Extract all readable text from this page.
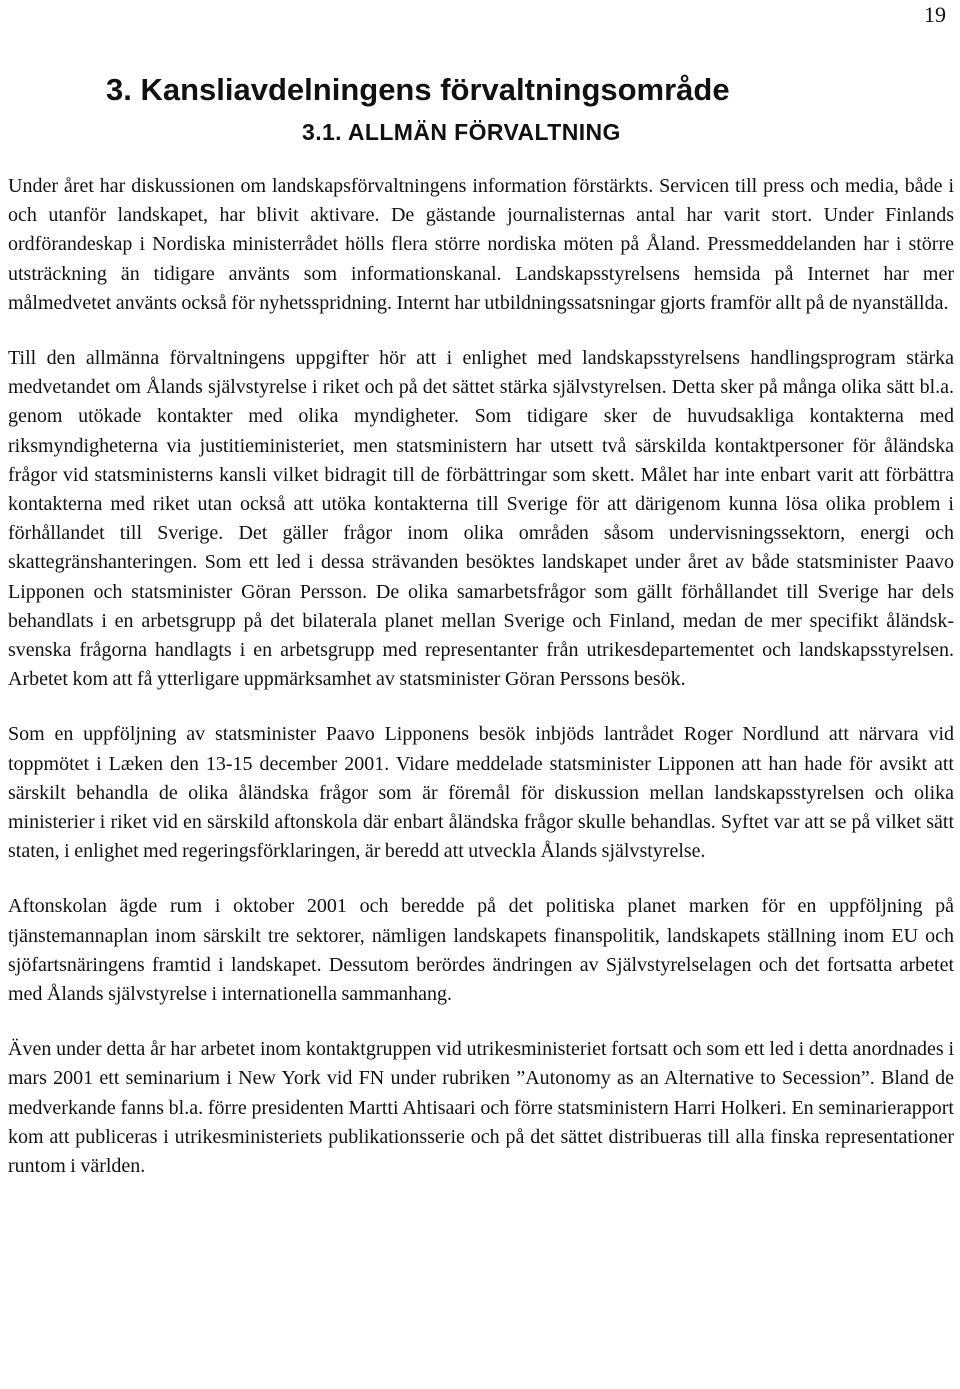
19

3. Kansliavdelningens förvaltningsområde
3.1. ALLMÄN FÖRVALTNING

Under året har diskussionen om landskapsförvaltningens information förstärkts. Servicen till press och media, både i och utanför landskapet, har blivit aktivare. De gästande journalisternas antal har varit stort. Under Finlands ordförandeskap i Nordiska ministerrådet hölls flera större nordiska möten på Åland. Pressmeddelanden har i större utsträckning än tidigare använts som informationskanal. Landskapsstyrelsens hemsida på Internet har mer målmedvetet använts också för nyhetsspridning. Internt har utbildningssatsningar gjorts framför allt på de nyanställda.

Till den allmänna förvaltningens uppgifter hör att i enlighet med landskapsstyrelsens handlingsprogram stärka medvetandet om Ålands självstyrelse i riket och på det sättet stärka självstyrelsen. Detta sker på många olika sätt bl.a. genom utökade kontakter med olika myndigheter. Som tidigare sker de huvudsakliga kontakterna med riksmyndigheterna via justitieministeriet, men statsministern har utsett två särskilda kontaktpersoner för åländska frågor vid statsministerns kansli vilket bidragit till de förbättringar som skett. Målet har inte enbart varit att förbättra kontakterna med riket utan också att utöka kontakterna till Sverige för att därigenom kunna lösa olika problem i förhållandet till Sverige. Det gäller frågor inom olika områden såsom undervisningssektorn, energi och skattegränshanteringen. Som ett led i dessa strävanden besöktes landskapet under året av både statsminister Paavo Lipponen och statsminister Göran Persson. De olika samarbetsfrågor som gällt förhållandet till Sverige har dels behandlats i en arbetsgrupp på det bilaterala planet mellan Sverige och Finland, medan de mer specifikt åländsk-svenska frågorna handlagts i en arbetsgrupp med representanter från utrikesdepartementet och landskapsstyrelsen. Arbetet kom att få ytterligare uppmärksamhet av statsminister Göran Perssons besök.

Som en uppföljning av statsminister Paavo Lipponens besök inbjöds lantrådet Roger Nordlund att närvara vid toppmötet i Læken den 13-15 december 2001. Vidare meddelade statsminister Lipponen att han hade för avsikt att särskilt behandla de olika åländska frågor som är föremål för diskussion mellan landskapsstyrelsen och olika ministerier i riket vid en särskild aftonskola där enbart åländska frågor skulle behandlas. Syftet var att se på vilket sätt staten, i enlighet med regeringsförklaringen, är beredd att utveckla Ålands självstyrelse.

Aftonskolan ägde rum i oktober 2001 och beredde på det politiska planet marken för en uppföljning på tjänstemannaplan inom särskilt tre sektorer, nämligen landskapets finanspolitik, landskapets ställning inom EU och sjöfartsnäringens framtid i landskapet. Dessutom berördes ändringen av Självstyrelselagen och det fortsatta arbetet med Ålands självstyrelse i internationella sammanhang.

Även under detta år har arbetet inom kontaktgruppen vid utrikesministeriet fortsatt och som ett led i detta anordnades i mars 2001 ett seminarium i New York vid FN under rubriken ”Autonomy as an Alternative to Secession”. Bland de medverkande fanns bl.a. förre presidenten Martti Ahtisaari och förre statsministern Harri Holkeri. En seminarierapport kom att publiceras i utrikesministeriets publikationsserie och på det sättet distribueras till alla finska representationer runtom i världen.
